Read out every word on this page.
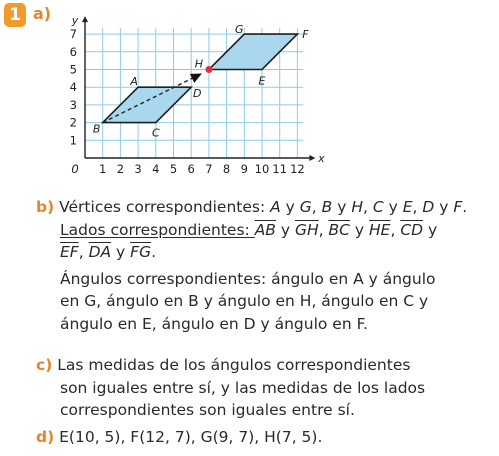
1 a)
1 2 3 4 5 6 7 8 9 10 11 12
1
2
3
4
5
6
7
0
x
y
A
D
C
B
G	F
E
H
b) Vértices correspondientes: A y G, B y H, C y E, D y F.
Lados correspondientes: $\overline{AB}$ y $\overline{GH}$, $\overline{BC}$ y $\overline{HE}$, $\overline{CD}$ y
$\overline{EF}$, $\overline{DA}$ y $\overline{FG}$.
Ángulos correspondientes: ángulo en A y ángulo
en G, ángulo en B y ángulo en H, ángulo en C y
ángulo en E, ángulo en D y ángulo en F.
c) Las medidas de los ángulos correspondientes
son iguales entre sí, y las medidas de los lados
correspondientes son iguales entre sí.
d) E(10, 5), F(12, 7), G(9, 7), H(7, 5).
